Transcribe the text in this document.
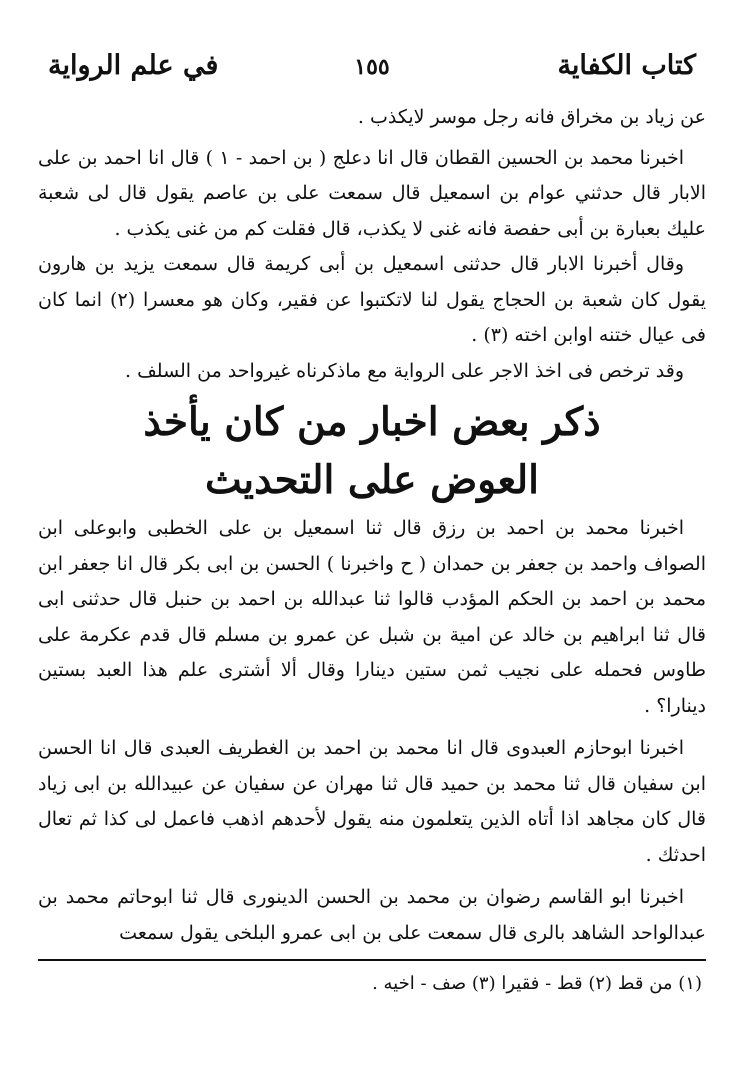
كتاب الكفاية
١٥٥
في علم الرواية

عن زياد بن مخراق فانه رجل موسر لايكذب .

اخبرنا محمد بن الحسين القطان قال انا دعلج ( بن احمد - ١ ) قال انا احمد بن على الابار قال حدثني عوام بن اسمعيل قال سمعت على بن عاصم يقول قال لى شعبة عليك بعبارة بن أبى حفصة فانه غنى لا يكذب، قال فقلت كم من غنى يكذب .

وقال أخبرنا الابار قال حدثنى اسمعيل بن أبى كريمة قال سمعت يزيد بن هارون يقول كان شعبة بن الحجاج يقول لنا لاتكتبوا عن فقير، وكان هو معسرا (٢) انما كان فى عيال ختنه اوابن اخته (٣) .

وقد ترخص فى اخذ الاجر على الرواية مع ماذكرناه غيرواحد من السلف .

ذكر بعض اخبار من كان يأخذ
العوض على التحديث

اخبرنا محمد بن احمد بن رزق قال ثنا اسمعيل بن على الخطبى وابوعلى ابن الصواف واحمد بن جعفر بن حمدان ( ح واخبرنا ) الحسن بن ابى بكر قال انا جعفر ابن محمد بن احمد بن الحكم المؤدب قالوا ثنا عبدالله بن احمد بن حنبل قال حدثنى ابى قال ثنا ابراهيم بن خالد عن امية بن شبل عن عمرو بن مسلم قال قدم عكرمة على طاوس فحمله على نجيب ثمن ستين دينارا وقال ألا أشترى علم هذا العبد بستين دينارا؟ .

اخبرنا ابوحازم العبدوى قال انا محمد بن احمد بن الغطريف العبدى قال انا الحسن ابن سفيان قال ثنا محمد بن حميد قال ثنا مهران عن سفيان عن عبيدالله بن ابى زياد قال كان مجاهد اذا أتاه الذين يتعلمون منه يقول لأحدهم اذهب فاعمل لى كذا ثم تعال احدثك .

اخبرنا ابو القاسم رضوان بن محمد بن الحسن الدينورى قال ثنا ابوحاتم محمد بن عبدالواحد الشاهد بالرى قال سمعت على بن ابى عمرو البلخى يقول سمعت

(١) من قط (٢) قط - فقيرا (٣) صف - اخيه .
